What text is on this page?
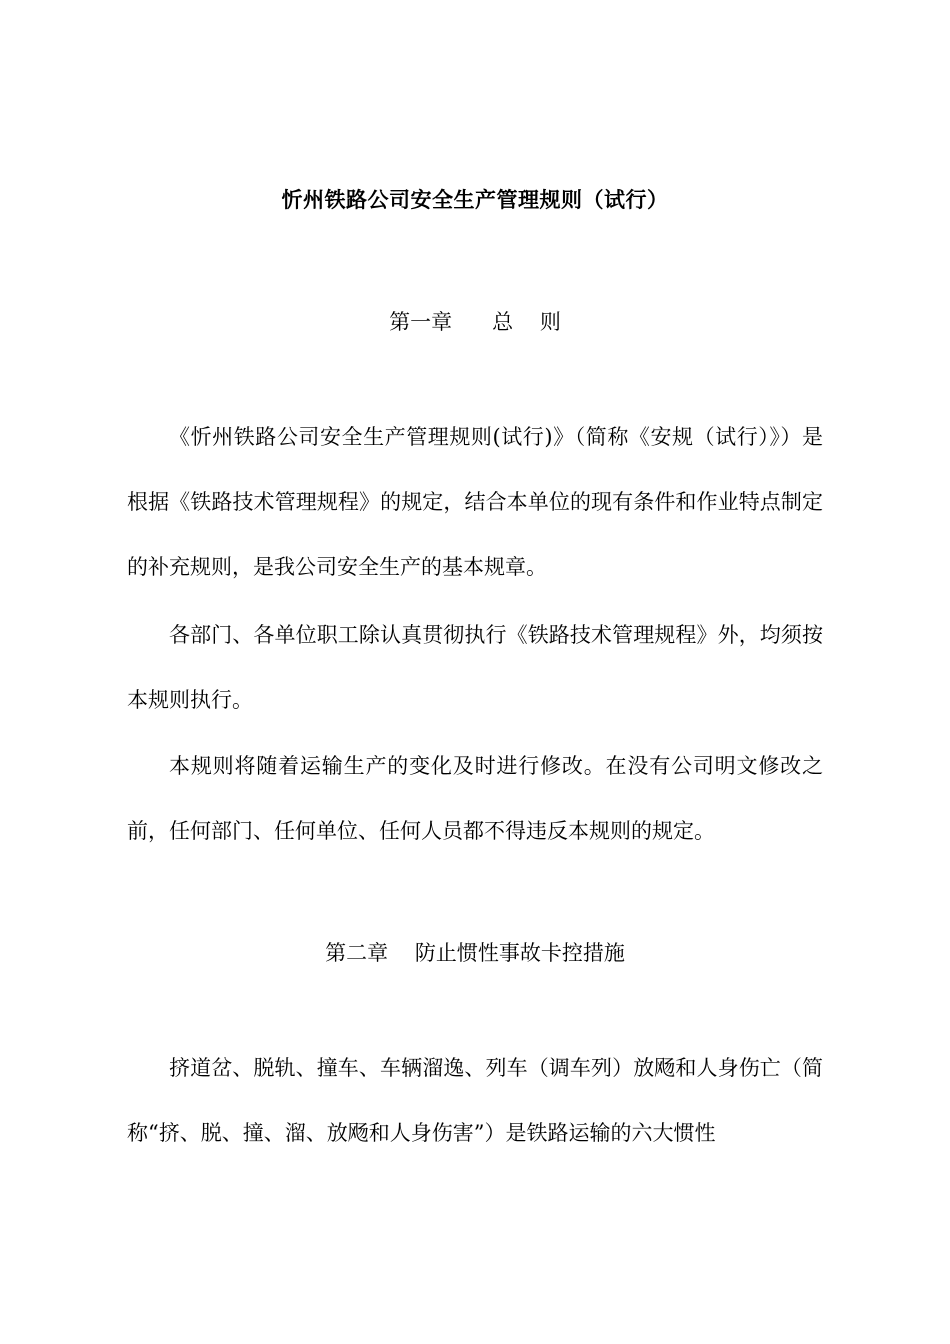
忻州铁路公司安全生产管理规则（试行）
第一章      总    则

《忻州铁路公司安全生产管理规则(试行)》（简称《安规（试行）》）是根据《铁路技术管理规程》的规定，结合本单位的现有条件和作业特点制定的补充规则，是我公司安全生产的基本规章。

各部门、各单位职工除认真贯彻执行《铁路技术管理规程》外，均须按本规则执行。

本规则将随着运输生产的变化及时进行修改。在没有公司明文修改之前，任何部门、任何单位、任何人员都不得违反本规则的规定。

第二章    防止惯性事故卡控措施

挤道岔、脱轨、撞车、车辆溜逸、列车（调车列）放飏和人身伤亡（简称“挤、脱、撞、溜、放飏和人身伤害”）是铁路运输的六大惯性
